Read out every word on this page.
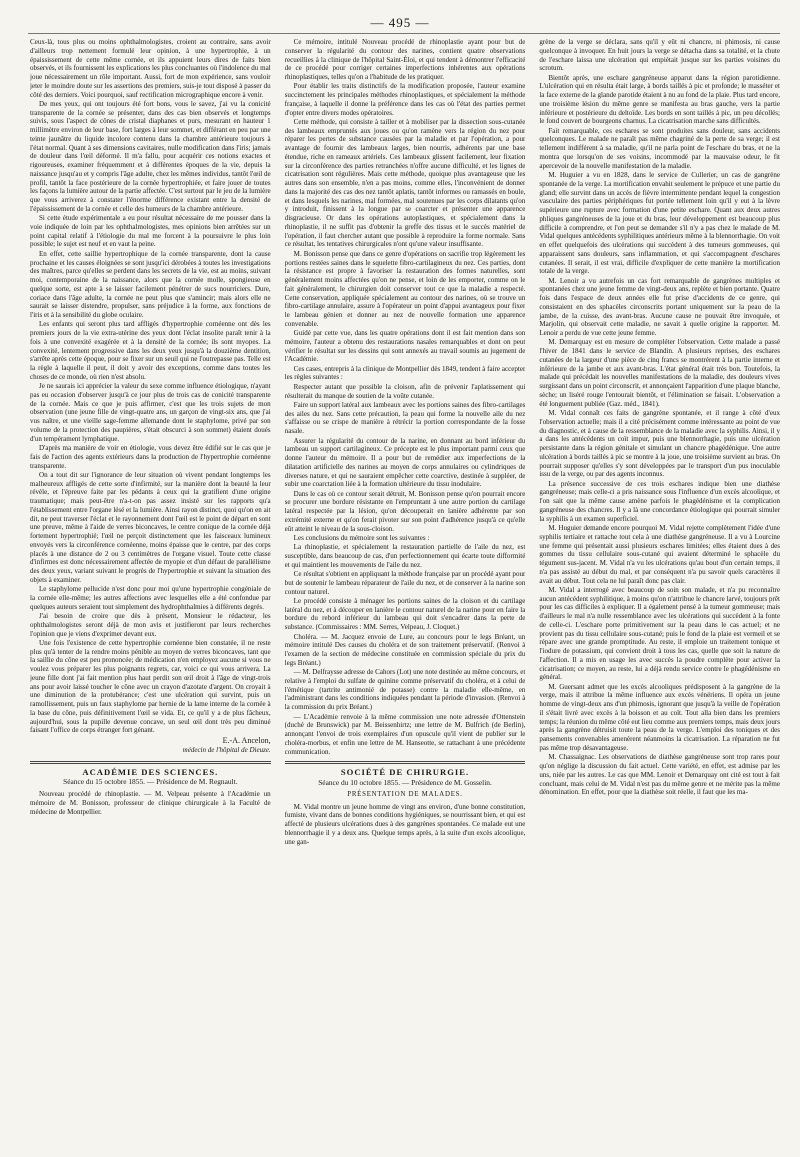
— 495 —

Ceux-là, tous plus ou moins ophthalmologistes, croient au contraire, sans avoir d'ailleurs trop nettement formulé leur opinion, à une hypertrophie, à un épaississement de cette même cornée, et ils appuient leurs dires de faits bien observés, et ils fournissent les explications les plus concluantes où l'indolence du mal joue nécessairement un rôle important. Aussi, fort de mon expérience, sans vouloir jeter le moindre doute sur les assertions des premiers, suis-je tout disposé à passer du côté des derniers. Voici pourquoi, sauf rectification micrographique encore à venir.

De mes yeux, qui ont toujours été fort bons, vous le savez, j'ai vu la conicité transparente de la cornée se présenter, dans des cas bien observés et longtemps suivis, sous l'aspect de cônes de cristal diaphanes et purs, mesurant en hauteur 1 millimètre environ de leur base, fort larges à leur sommet, et différant en peu par une teinte jaunâtre du liquide incolore contenu dans la chambre antérieure toujours à l'état normal. Quant à ses dimensions cavitaires, nulle modification dans l'iris; jamais de douleur dans l'œil déformé. Il m'a fallu, pour acquérir ces notions exactes et rigoureuses, examiner fréquemment et à différentes époques de la vie, depuis la naissance jusqu'au et y compris l'âge adulte, chez les mêmes individus, tantôt l'œil de profil, tantôt la face postérieure de la cornée hypertrophiée, et faire jouer de toutes les façons la lumière autour de la partie affectée. C'est surtout par le jeu de la lumière que vous arriverez à constater l'énorme différence existant entre la densité de l'épaississement de la cornée et celle des humeurs de la chambre antérieure.

Si cette étude expérimentale a eu pour résultat nécessaire de me pousser dans la voie indiquée de loin par les ophthalmologistes, mes opinions bien arrêtées sur un point capital relatif à l'étiologie du mal me forcent à la poursuivre le plus loin possible; le sujet est neuf et en vaut la peine.

En effet, cette saillie hypertrophique de la cornée transparente, dont la cause prochaine et les causes éloignées se sont jusqu'ici dérobées à toutes les investigations des maîtres, parce qu'elles se perdent dans les secrets de la vie, est au moins, suivant moi, contemporaine de la naissance, alors que la cornée molle, spongieuse en quelque sorte, est apte à se laisser facilement pénétrer de sucs nourriciers. Dure, coriace dans l'âge adulte, la cornée ne peut plus que s'amincir; mais alors elle ne saurait se laisser distendre, propulser, sans préjudice à la forme, aux fonctions de l'iris et à la sensibilité du globe oculaire.

Les enfants qui seront plus tard affligés d'hypertrophie cornéenne ont dès les premiers jours de la vie extra-utérine des yeux dont l'éclat insolite paraît tenir à la fois à une convexité exagérée et à la densité de la cornée; ils sont myopes. La convexité, lentement progressive dans les deux yeux jusqu'à la douzième dentition, s'arrête après cette époque, pour se fixer sur un seuil qui ne l'outrepasse pas. Telle est la règle à laquelle il peut, il doit y avoir des exceptions, comme dans toutes les choses de ce monde, où rien n'est absolu.

Je ne saurais ici apprécier la valeur du sexe comme influence étiologique, n'ayant pas eu occasion d'observer jusqu'à ce jour plus de trois cas de conicité transparente de la cornée. Mais ce que je puis affirmer, c'est que les trois sujets de mon observation (une jeune fille de vingt-quatre ans, un garçon de vingt-six ans, que j'ai vus naître, et une vieille sage-femme allemande dont le staphylome, privé par son volume de la protection des paupières, s'était obscurci à son sommet) étaient doués d'un tempérament lymphatique.

D'après ma manière de voir en étiologie, vous devez être édifié sur le cas que je fais de l'action des agents extérieurs dans la production de l'hypertrophie cornéenne transparente.

On a tout dit sur l'ignorance de leur situation où vivent pendant longtemps les malheureux affligés de cette sorte d'infirmité, sur la manière dont la beauté la leur révèle, et l'épreuve faite par les pédants à ceux qui la gratifient d'une origine traumatique; mais peut-être n'a-t-on pas assez insisté sur les rapports qu'a l'établissement entre l'organe lésé et la lumière. Ainsi rayon distinct, quoi qu'on en ait dit, ne peut traverser l'éclat et le rayonnement dont l'œil est le point de départ en sont une preuve, même à l'aide de verres biconcaves, le centre conique de la cornée déjà fortement hypertrophié; l'œil ne perçoit distinctement que les faisceaux lumineux envoyés vers la circonférence cornéenne, moins épaisse que le centre, par des corps placés à une distance de 2 ou 3 centimètres de l'organe visuel. Toute cette classe d'infirmes est donc nécessairement affectée de myopie et d'un défaut de parallélisme des deux yeux, variant suivant le progrès de l'hypertrophie et suivant la situation des objets à examiner.

Le staphylome pellucide n'est donc pour moi qu'une hypertrophie congéniale de la cornée elle-même; les autres affections avec lesquelles elle a été confondue par quelques auteurs seraient tout simplement des hydrophthalmies à différents degrés.

J'ai besoin de croire que dès à présent, Monsieur le rédacteur, les ophthalmologistes seront déjà de mon avis et justifieront par leurs recherches l'opinion que je viens d'exprimer devant eux.

Une fois l'existence de cette hypertrophie cornéenne bien constatée, il ne reste plus qu'à tenter de la rendre moins pénible au moyen de verres biconcaves, tant que la saillie du cône est peu prononcée; de médication n'en employez aucune si vous ne voulez vous préparer les plus poignants regrets, car, voici ce qui vous arrivera. La jeune fille dont j'ai fait mention plus haut perdit son œil droit à l'âge de vingt-trois ans pour avoir laissé toucher le cône avec un crayon d'azotate d'argent. On croyait à une diminution de la protubérance; c'est une ulcération qui survint, puis un ramollissement, puis un faux staphylome par hernie de la lame interne de la cornée à la base du cône, puis définitivement l'œil se vida. Et, ce qu'il y a de plus fâcheux, aujourd'hui, sous la pupille devenue concave, un seul œil dont très peu diminué faisant l'office de corps étranger fort génant.

E.-A. Ancelon,
médecin de l'hôpital de Dieuze.
ACADÉMIE DES SCIENCES.
Séance du 15 octobre 1855. — Présidence de M. Regnault.

Nouveau procédé de rhinoplastie. — M. Velpeau présente à l'Académie un mémoire de M. Bonisson, professeur de clinique chirurgicale à la Faculté de médecine de Montpellier.

Ce mémoire, intitulé Nouveau procédé de rhinoplastie ayant pour but de conserver la régularité du contour des narines, contient quatre observations recueillies à la clinique de l'hôpital Saint-Éloi, et qui tendent à démontrer l'efficacité de ce procédé pour corriger certaines imperfections inhérentes aux opérations rhinoplastiques, telles qu'on a l'habitude de les pratiquer.

Pour établir les traits distinctifs de la modification proposée, l'auteur examine succinctement les principales méthodes rhinoplastiques, et spécialement la méthode française, à laquelle il donne la préférence dans les cas où l'état des parties permet d'opter entre divers modes opératoires.

Cette méthode, qui consiste à tailler et à mobiliser par la dissection sous-cutanée des lambeaux empruntés aux joues ou qu'on ramène vers la région du nez pour réparer les pertes de substance causées par la maladie et par l'opération, a pour avantage de fournir des lambeaux larges, bien nourris, adhérents par une base étendue, riche en rameaux artériels. Ces lambeaux glissent facilement, leur fixation sur la circonférence des parties retranchées n'offre aucune difficulté, et les lignes de cicatrisation sont régulières. Mais cette méthode, quoique plus avantageuse que les autres dans son ensemble, n'en a pas moins, comme elles, l'inconvénient de donner dans la majorité des cas des nez tantôt aplatis, tantôt informes ou ramassés en boule, et dans lesquels les narines, mal formées, mal soutenues par les corps dilatants qu'on y introduit, finissent à la longue par se coarcter et présenter une apparence disgracieuse. Or dans les opérations autoplastiques, et spécialement dans la rhinoplastie, il ne suffit pas d'obtenir la greffe des tissus et le succès matériel de l'opération, il faut chercher autant que possible à reproduire la forme normale. Sans ce résultat, les tentatives chirurgicales n'ont qu'une valeur insuffisante.

M. Bonisson pense que dans ce genre d'opérations on sacrifie trop légèrement les portions restées saines dans le squelette fibro-cartilagineux du nez. Ces parties, dont la résistance est propre à favoriser la restauration des formes naturelles, sont généralement moins affectées qu'on ne pense, et loin de les emporter, comme on le fait généralement, le chirurgien doit conserver tout ce que la maladie a respecté. Cette conservation, appliquée spécialement au contour des narines, où se trouve un fibro-cartilage annulaire, assure à l'opérateur un point d'appui avantageux pour fixer le lambeau génien et donner au nez de nouvelle formation une apparence convenable.

Guidé par cette vue, dans les quatre opérations dont il est fait mention dans son mémoire, l'auteur a obtenu des restaurations nasales remarquables et dont on peut vérifier le résultat sur les dessins qui sont annexés au travail soumis au jugement de l'Académie.

Ces cases, entrepris à la clinique de Montpellier dès 1849, tendent à faire accepter les règles suivantes :

Respecter autant que possible la cloison, afin de prévenir l'aplatissement qui résulterait du manque de soutien de la voûte cutanée.

Faire un support latéral aux lambeaux avec les portions saines des fibro-cartilages des ailes du nez. Sans cette précaution, la peau qui forme la nouvelle aile du nez s'affaisse ou se crispe de manière à rétrécir la portion correspondante de la fosse nasale.

Assurer la régularité du contour de la narine, en donnant au bord inférieur du lambeau un support cartilagineux. Ce précepte est le plus important parmi ceux que donne l'auteur du mémoire. Il a pour but de remédier aux imperfections de la dilatation artificielle des narines au moyen de corps annulaires ou cylindriques de diverses nature, et qui ne sauraient empêcher cette coarctive, destinée à suppléer, de subir une coarctation liée à la formation ultérieure du tissu inodulaire.

Dans le cas où ce contour serait détruit, M. Bonisson pense qu'on pourrait encore se procurer une bordure résistante en l'empruntant à une autre portion du cartilage latéral respectée par la lésion, qu'on découperait en lanière adhérente par son extrémité externe et qu'on ferait pivoter sur son point d'adhérence jusqu'à ce qu'elle eût atteint le niveau de la sous-cloison.

Les conclusions du mémoire sont les suivantes :

La rhinoplastie, et spécialement la restauration partielle de l'aile du nez, est susceptible, dans beaucoup de cas, d'un perfectionnement qui écarte toute difformité et qui maintient les mouvements de l'aile du nez.

Ce résultat s'obtient en appliquant la méthode française par un procédé ayant pour but de soutenir le lambeau réparateur de l'aile du nez, et de conserver à la narine son contour naturel.

Le procédé consiste à ménager les portions saines de la cloison et du cartilage latéral du nez, et à découper en lanière le contour naturel de la narine pour en faire la bordure du rebord inférieur du lambeau qui doit s'encadrer dans la perte de substance. (Commissaires : MM. Serres, Velpeau, J. Cloquet.)

Choléra. — M. Jacquez envoie de Lure, au concours pour le legs Bréant, un mémoire intitulé Des causes du choléra et de son traitement préservatif. (Renvoi à l'examen de la section de médecine constituée en commission spéciale du prix du legs Bréant.)

— M. Delfraysse adresse de Cahors (Lot) une note destinée au même concours, et relative à l'emploi du sulfate de quinine comme préservatif du choléra, et à celui de l'émétique (tartrite antimonié de potasse) contre la maladie elle-même, en l'administrant dans les conditions indiquées pendant la période d'invasion. (Renvoi à la commission du prix Bréant.)

— L'Académie renvoie à la même commission une note adressée d'Ottenstein (duché de Brunswick) par M. Beissenhirtz; une lettre de M. Bulfrich (de Berlin), annonçant l'envoi de trois exemplaires d'un opuscule qu'il vient de publier sur le choléra-morbus, et enfin une lettre de M. Hanseotte, se rattachant à une précédente communication.

SOCIÉTÉ DE CHIRURGIE.
Séance du 10 octobre 1855. — Présidence de M. Gosselin.
PRÉSENTATION DE MALADES.

M. Vidal montre un jeune homme de vingt ans environ, d'une bonne constitution, fumiste, vivant dans de bonnes conditions hygiéniques, se nourrissant bien, et qui est affecté de plusieurs ulcérations dues à des gangrènes spontanées. Ce malade eut une blennorrhagie il y a deux ans. Quelque temps après, à la suite d'un excès alcoolique, une gan-

grène de la verge se déclara, sans qu'il y eût ni chancre, ni phimosis, ni cause quelconque à invoquer. En huit jours la verge se détacha dans sa totalité, et la chute de l'eschare laissa une ulcération qui empiétait jusque sur les parties voisines du scrotum.

Bientôt après, une eschare gangréneuse apparut dans la région parotidienne. L'ulcération qui en résulta était large, à bords taillés à pic et profonde; le masséter et la face externe de la glande parotide étaient à nu au fond de la plaie. Plus tard encore, une troisième lésion du même genre se manifesta au bras gauche, vers la partie inférieure et postérieure du deltoïde. Les bords en sont taillés à pic, un peu décollés; le fond couvert de bourgeons charnus. La cicatrisation marche sans difficultés.

Fait remarquable, ces eschares se sont produites sans douleur, sans accidents quelconques. Le malade ne paraît pas même chagriné de la perte de sa verge; il est tellement indifférent à sa maladie, qu'il ne parla point de l'eschare du bras, et ne la montra que lorsqu'on de ses voisins, incommodé par la mauvaise odeur, le fit apercevoir de la nouvelle manifestation de la maladie.

M. Huguier a vu en 1828, dans le service de Cullerier, un cas de gangrène spontanée de la verge. La mortification envahit seulement le prépuce et une partie du gland; elle survint dans un accès de fièvre intermittente pendant lequel la congestion vasculaire des parties périphériques fut portée tellement loin qu'il y eut à la lèvre supérieure une rupture avec formation d'une petite eschare. Quant aux deux autres phliques gangréneuses de la joue et du bras, leur développement est beaucoup plus difficile à comprendre, et l'on peut se demander s'il n'y a pas chez le malade de M. Vidal quelques antécédents syphilitiques antérieurs même à la blennorrhagie. On voit en effet quelquefois des ulcérations qui succèdent à des tumeurs gommeuses, qui apparaissent sans douleurs, sans inflammation, et qui s'accompagnent d'eschares cutanées. Il serait, il est vrai, difficile d'expliquer de cette manière la mortification totale de la verge.

M. Lenoir a vu autrefois un cas fort remarquable de gangrènes multiples et spontanées chez une jeune femme de vingt-deux ans, replète et bien portante. Quatre fois dans l'espace de deux années elle fut prise d'accidents de ce genre, qui consistaient en des sphacèles circonscrits portant uniquement sur la peau de la jambe, de la cuisse, des avant-bras. Aucune cause ne pouvait être invoquée, et Marjolin, qui observait cette maladie, ne savait à quelle origine la rapporter. M. Lenoir a perdu de vue cette jeune femme.

M. Demarquay est en mesure de compléter l'observation. Cette malade a passé l'hiver de 1841 dans le service de Blandin. A plusieurs reprises, des eschares cutanées de la largeur d'une pièce de cinq francs se montrèrent à la partie interne et inférieure de la jambe et aux avant-bras. L'état général était très bon. Toutefois, la malade qui précédait les nouvelles manifestations de la maladie, des douleurs vives surgissant dans un point circonscrit, et annonçaient l'apparition d'une plaque blanche, sèche; un liséré rouge l'entourait bientôt, et l'élimination se faisait. L'observation a été longuement publiée (Gaz. méd., 1841).

M. Vidal connaît ces faits de gangrène spontanée, et il range à côté d'eux l'observation actuelle; mais il a cité précisément comme intéressante au point de vue du diagnostic, et à cause de la ressemblance de la maladie avec la syphilis. Ainsi, il y a dans les antécédents un coït impur, puis une blennorrhagie, puis une ulcération persistante dans la région génitale et simulant un chancre phagédénique. Une autre ulcération à bords taillés à pic se montre à la joue, une troisième survient au bras. On pourrait supposer qu'elles s'y sont développées par le transport d'un pus inoculable issu de la verge, ou par des agents inconnus.

La présence successive de ces trois eschares indique bien une diathèse gangréneuse; mais celle-ci a pris naissance sous l'influence d'un excès alcoolique, et l'on sait que la même cause amène parfois le phagédénisme et la complication gangréneuse des chancres. Il y a là une concordance étiologique qui pourrait simuler la syphilis à un examen superficiel.

M. Huguier demande encore pourquoi M. Vidal rejette complètement l'idée d'une syphilis tertiaire et rattache tout cela à une diathèse gangréneuse. Il a vu à Lourcine une femme qui présentait aussi plusieurs eschares limitées; elles étaient dues à des gommes du tissu cellulaire sous-cutané qui avaient déterminé le sphacèle du tégument sus-jacent. M. Vidal n'a vu les ulcérations qu'au bout d'un certain temps, il n'a pas assisté au début du mal, et par conséquent n'a pu savoir quels caractères il avait au début. Tout cela ne lui paraît donc pas clair.

M. Vidal a interrogé avec beaucoup de soin son malade, et n'a pu reconnaître aucun antécédent syphilitique, à moins qu'on n'attribue le chancre larvé, toujours prêt pour les cas difficiles à expliquer. Il a également pensé à la tumeur gommeuse; mais d'ailleurs le mal n'a nulle ressemblance avec les ulcérations qui succèdent à la fonte de celle-ci. L'eschare porte primitivement sur la peau dans le cas actuel; et ne provient pas du tissu cellulaire sous-cutané; puis le fond de la plaie est vermeil et se répare avec une grande promptitude. Au reste, il emploie un traitement tonique et l'iodure de potassium, qui convient droit à tous les cas, quelle que soit la nature de l'affection. Il a mis en usage les avec succès la poudre complète pour activer la cicatrisation; ce moyen, au reste, lui a déjà rendu service contre le phagédénisme en général.

M. Guersant admet que les excès alcooliques prédisposent à la gangrène de la verge, mais il attribue la même influence aux excès vénériens. Il opéra un jeune homme de vingt-deux ans d'un phimosis, ignorant que jusqu'à la veille de l'opération il s'était livré avec excès à la boisson et au coït. Tout alla bien dans les premiers temps; la réunion du même côté eut lieu comme aux premiers temps, mais deux jours après la gangrène détruisit toute la peau de la verge. L'emploi des toniques et des pansements convenables amenèrent néanmoins la cicatrisation. La réparation ne fut pas même trop désavantageuse.

M. Chassaignac. Les observations de diathèse gangréneuse sont trop rares pour qu'on néglige la discussion du fait actuel. Cette variété, en effet, est admise par les uns, niée par les autres. Le cas que MM. Lenoir et Demarquay ont cité est tout à fait concluant, mais celui de M. Vidal n'est pas du même genre et ne mérite pas la même dénomination. En effet, pour que la diathèse soit réelle, il faut que les ma-
